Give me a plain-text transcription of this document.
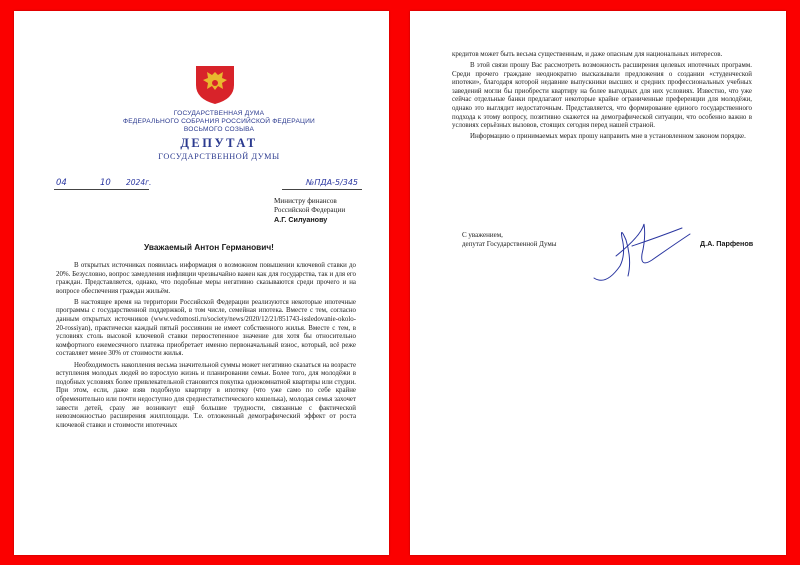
ГОСУДАРСТВЕННАЯ ДУМА
ФЕДЕРАЛЬНОГО СОБРАНИЯ РОССИЙСКОЙ ФЕДЕРАЦИИ
ВОСЬМОГО СОЗЫВА
ДЕПУТАТ
ГОСУДАРСТВЕННОЙ ДУМЫ
04	10 2024г.	№ПДА-5/345
Министру финансов
Российской Федерации
А.Г. Силуанову
Уважаемый Антон Германович!

В открытых источниках появилась информация о возможном повышении ключевой ставки до 20%. Безусловно, вопрос замедления инфляции чрезвычайно важен как для государства, так и для его граждан. Представляется, однако, что подобные меры негативно сказываются среди прочего и на вопросе обеспечения граждан жильём.

В настоящее время на территории Российской Федерации реализуются некоторые ипотечные программы с государственной поддержкой, в том числе, семейная ипотека. Вместе с тем, согласно данным открытых источников (www.vedomosti.ru/society/news/2020/12/21/851743-issledovanie-okolo-20-rossiyan), практически каждый пятый россиянин не имеет собственного жилья. Вместе с тем, в условиях столь высокой ключевой ставки первостепенное значение для хотя бы относительно комфортного ежемесячного платежа приобретает именно первоначальный взнос, который, всё реже составляет менее 30% от стоимости жилья.

Необходимость накопления весьма значительной суммы может негативно сказаться на возрасте вступления молодых людей во взрослую жизнь и планировании семьи. Более того, для молодёжи в подобных условиях более привлекательной становится покупка однокомнатной квартиры или студии. При этом, если, даже взяв подобную квартиру в ипотеку (что уже само по себе крайне обременительно или почти недоступно для среднестатистического кошелька), молодая семья захочет завести детей, сразу же возникнут ещё большие трудности, связанные с фактической невозможностью расширения жилплощади. Т.е. отложенный демографический эффект от роста ключевой ставки и стоимости ипотечных

кредитов может быть весьма существенным, и даже опасным для национальных интересов.

В этой связи прошу Вас рассмотреть возможность расширения целевых ипотечных программ. Среди прочего граждане неоднократно высказывали предложения о создании «студенческой ипотеки», благодаря которой недавние выпускники высших и средних профессиональных учебных заведений могли бы приобрести квартиру на более выгодных для них условиях. Известно, что уже сейчас отдельные банки предлагают некоторые крайне ограниченные преференции для молодёжи, однако это выглядит недостаточным. Представляется, что формирование единого государственного подхода к этому вопросу, позитивно скажется на демографической ситуации, что особенно важно в условиях серьёзных вызовов, стоящих сегодня перед нашей страной.

Информацию о принимаемых мерах прошу направить мне в установленном законом порядке.

С уважением,
депутат Государственной Думы	Д.А. Парфенов
